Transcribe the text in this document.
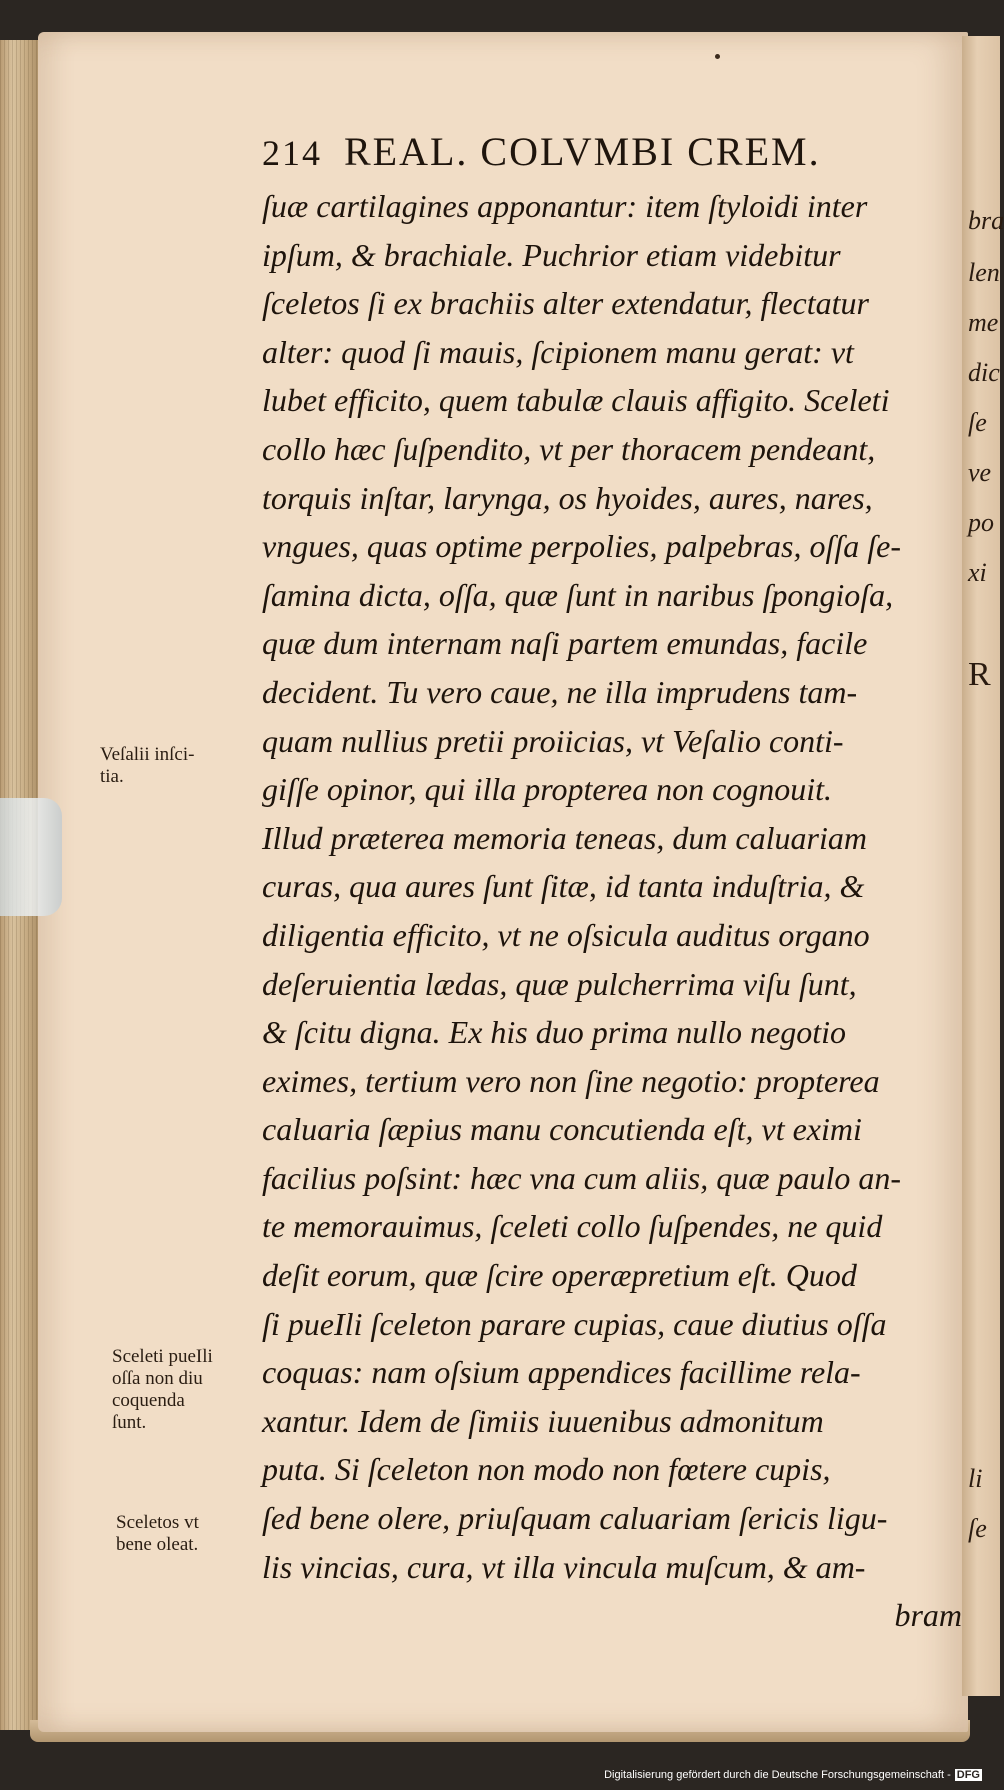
bra
len
me
dic
ſe
ve
po
xi
R
li
ſe
214 REAL. COLVMBI CREM.
ſuæ cartilagines apponantur: item ſtyloidi inter
ipſum, & brachiale. Puchrior etiam videbitur
ſceletos ſi ex brachiis alter extendatur, flectatur
alter: quod ſi mauis, ſcipionem manu gerat: vt
lubet efficito, quem tabulæ clauis affigito. Sceleti
collo hæc ſuſpendito, vt per thoracem pendeant,
torquis inſtar, larynga, os hyoides, aures, nares,
vngues, quas optime perpolies, palpebras, oſſa ſe-
ſamina dicta, oſſa, quæ ſunt in naribus ſpongioſa,
quæ dum internam naſi partem emundas, facile
decident. Tu vero caue, ne illa imprudens tam-
quam nullius pretii proiicias, vt Veſalio conti-
giſſe opinor, qui illa propterea non cognouit.
Illud præterea memoria teneas, dum caluariam
curas, qua aures ſunt ſitæ, id tanta induſtria, &
diligentia efficito, vt ne oſsicula auditus organo
deſeruientia lædas, quæ pulcherrima viſu ſunt,
& ſcitu digna. Ex his duo prima nullo negotio
eximes, tertium vero non ſine negotio: propterea
caluaria ſæpius manu concutienda eſt, vt eximi
facilius poſsint: hæc vna cum aliis, quæ paulo an-
te memorauimus, ſceleti collo ſuſpendes, ne quid
deſit eorum, quæ ſcire operæpretium eſt. Quod
ſi pueIli ſceleton parare cupias, caue diutius oſſa
coquas: nam oſsium appendices facillime rela-
xantur. Idem de ſimiis iuuenibus admonitum
puta. Si ſceleton non modo non fœtere cupis,
ſed bene olere, priuſquam caluariam ſericis ligu-
lis vincias, cura, vt illa vincula muſcum, & am-
bram
Veſalii inſci-
tia.
Sceleti pueIli
oſſa non diu
coquenda
ſunt.
Sceletos vt
bene oleat.
Digitalisierung gefördert durch die Deutsche Forschungsgemeinschaft - DFG
